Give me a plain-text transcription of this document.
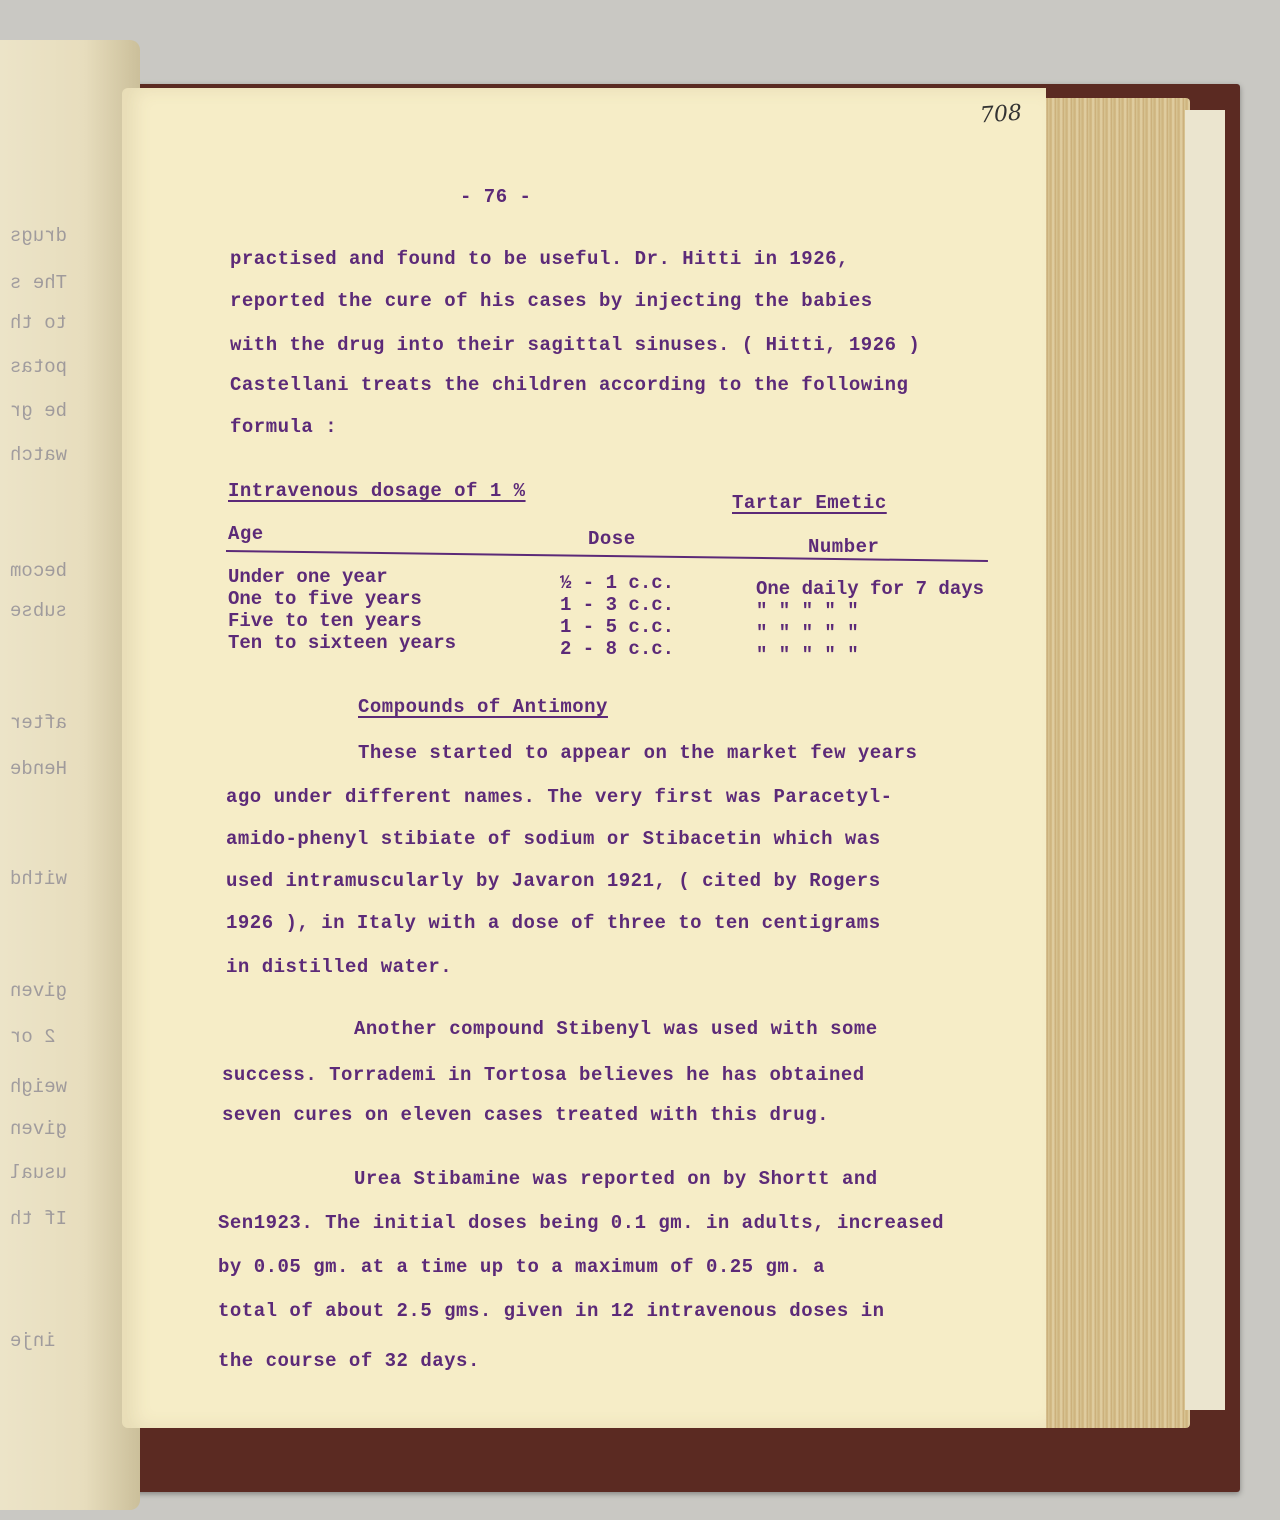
drugs
The s
to th
potas
be gr
watch
becom
subse
after
Hende
withd
given
2 or
weigh
given
usual
If th
inje
708
- 76 -
practised and found to be useful. Dr. Hitti in 1926,
reported the cure of his cases by injecting the babies
with the drug into their sagittal sinuses. ( Hitti, 1926 )
Castellani treats the children according to the following
formula :
Intravenous dosage of 1 %
Tartar Emetic
Age	Dose	Number
Under one year
One to five years
Five to ten years
Ten to sixteen years
½ - 1 c.c.
1 - 3 c.c.
1 - 5 c.c.
2 - 8 c.c.
One daily for 7 days
" " " " "
" " " " "
" " " " "
Compounds of Antimony
These started to appear on the market few years
ago under different names. The very first was Paracetyl-
amido-phenyl stibiate of sodium or Stibacetin which was
used intramuscularly by Javaron 1921, ( cited by Rogers
1926 ), in Italy with a dose of three to ten centigrams
in distilled water.
Another compound Stibenyl was used with some
success. Torrademi in Tortosa believes he has obtained
seven cures on eleven cases treated with this drug.
Urea Stibamine was reported on by Shortt and
Sen1923. The initial doses being 0.1 gm. in adults, increased
by 0.05 gm. at a time up to a maximum of 0.25 gm. a
total of about 2.5 gms. given in 12 intravenous doses in
the course of 32 days.
